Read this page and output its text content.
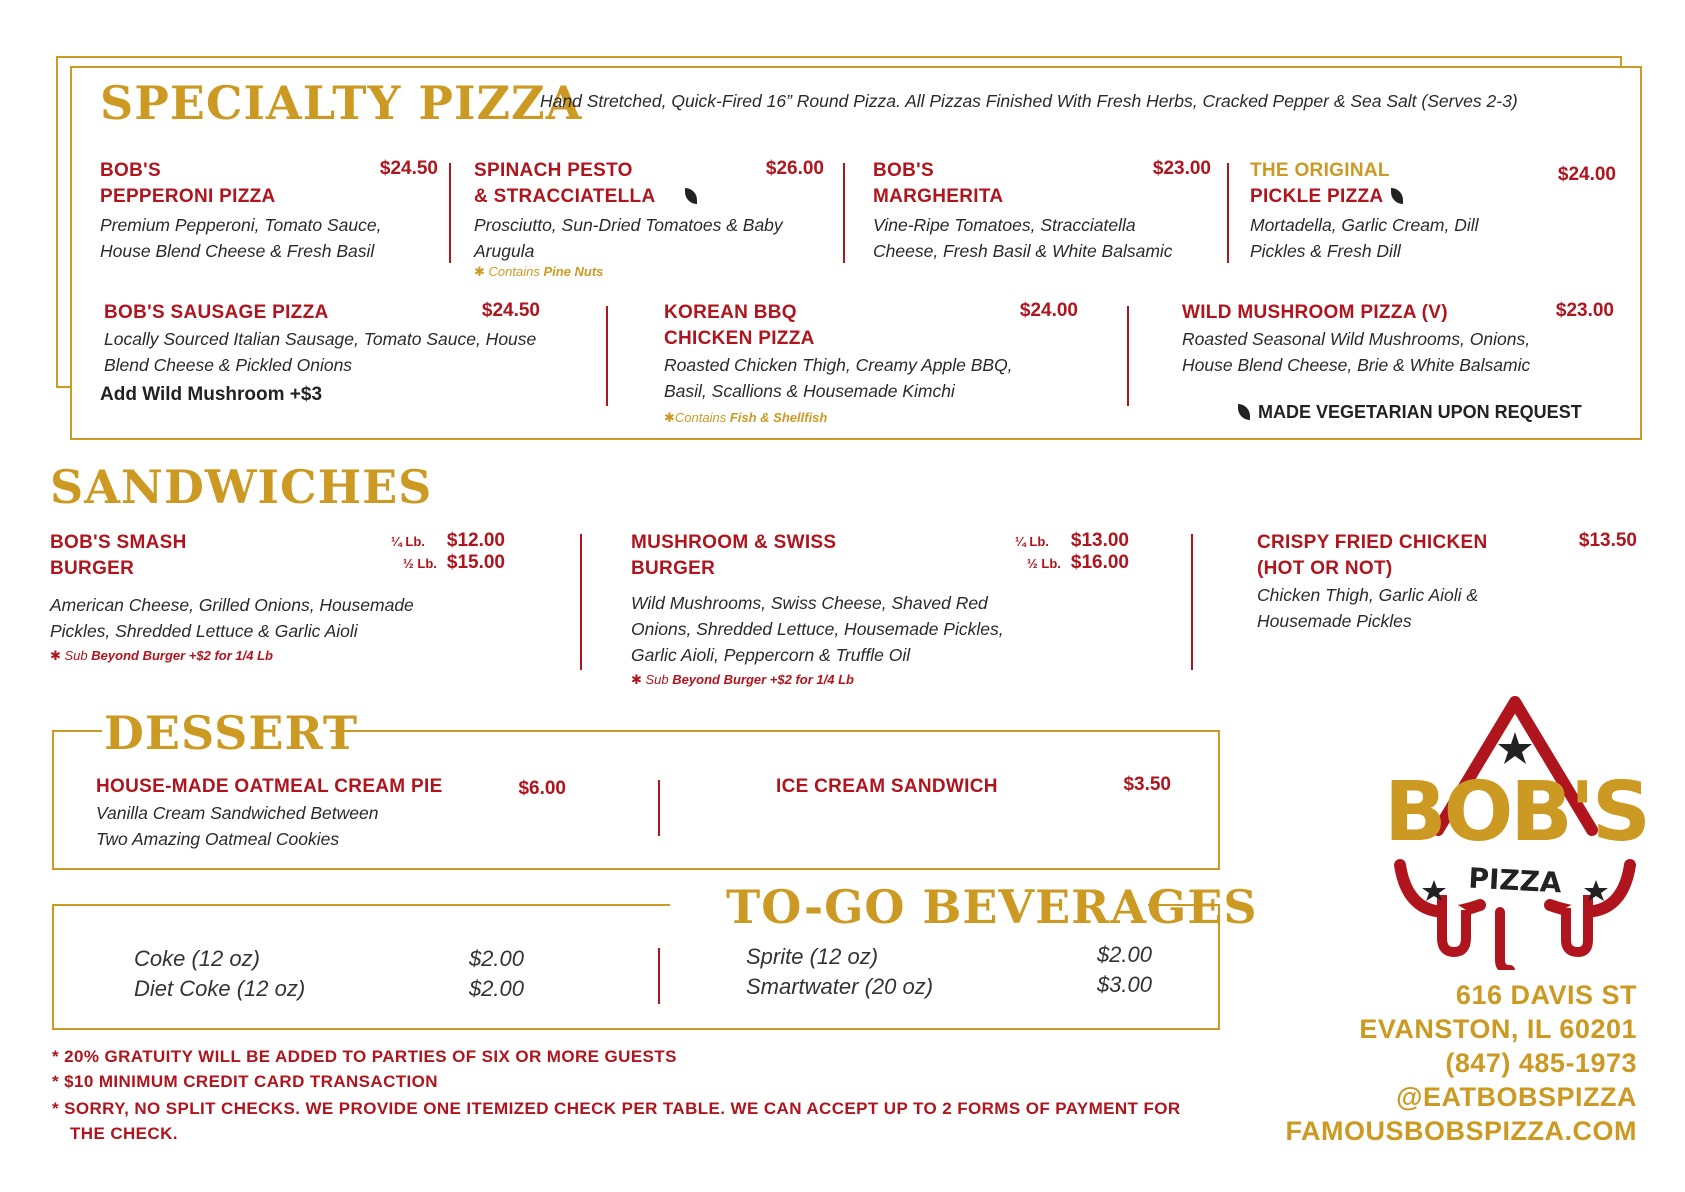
SPECIALTY PIZZA
Hand Stretched, Quick-Fired 16” Round Pizza. All Pizzas Finished With Fresh Herbs, Cracked Pepper & Sea Salt (Serves 2-3)
BOB'S
PEPPERONI PIZZA
$24.50
Premium Pepperoni, Tomato Sauce,
House Blend Cheese & Fresh Basil
SPINACH PESTO
& STRACCIATELLA
$26.00
Prosciutto, Sun-Dried Tomatoes & Baby
Arugula
✱ Contains Pine Nuts
BOB'S
MARGHERITA
$23.00
Vine-Ripe Tomatoes, Stracciatella
Cheese, Fresh Basil & White Balsamic
THE ORIGINAL
PICKLE PIZZA
$24.00
Mortadella, Garlic Cream, Dill
Pickles & Fresh Dill
BOB'S SAUSAGE PIZZA	$24.50
Locally Sourced Italian Sausage, Tomato Sauce, House
Blend Cheese & Pickled Onions
Add Wild Mushroom +$3
KOREAN BBQ
CHICKEN PIZZA
$24.00
Roasted Chicken Thigh, Creamy Apple BBQ,
Basil, Scallions & Housemade Kimchi
✱Contains Fish & Shellfish
WILD MUSHROOM PIZZA (V)	$23.00
Roasted Seasonal Wild Mushrooms, Onions,
House Blend Cheese, Brie & White Balsamic
MADE VEGETARIAN UPON REQUEST
SANDWICHES
BOB'S SMASH
BURGER
¼ Lb. $12.00
½ Lb. $15.00
American Cheese, Grilled Onions, Housemade
Pickles, Shredded Lettuce & Garlic Aioli
✱ Sub Beyond Burger +$2 for 1/4 Lb
MUSHROOM & SWISS
BURGER
¼ Lb. $13.00
½ Lb. $16.00
Wild Mushrooms, Swiss Cheese, Shaved Red
Onions, Shredded Lettuce, Housemade Pickles,
Garlic Aioli, Peppercorn & Truffle Oil
✱ Sub Beyond Burger +$2 for 1/4 Lb
CRISPY FRIED CHICKEN
(HOT OR NOT)
$13.50
Chicken Thigh, Garlic Aioli &
Housemade Pickles
DESSERT
HOUSE-MADE OATMEAL CREAM PIE	$6.00
Vanilla Cream Sandwiched Between
Two Amazing Oatmeal Cookies
ICE CREAM SANDWICH	$3.50
TO-GO BEVERAGES
Coke (12 oz)	$2.00
Diet Coke (12 oz)	$2.00
Sprite (12 oz)	$2.00
Smartwater (20 oz)	$3.00
* 20% GRATUITY WILL BE ADDED TO PARTIES OF SIX OR MORE GUESTS
* $10 MINIMUM CREDIT CARD TRANSACTION
* SORRY, NO SPLIT CHECKS. WE PROVIDE ONE ITEMIZED CHECK PER TABLE. WE CAN ACCEPT UP TO 2 FORMS OF PAYMENT FOR
THE CHECK.
BOB'S
PIZZA
616 DAVIS ST
EVANSTON, IL 60201
(847) 485-1973
@EATBOBSPIZZA
FAMOUSBOBSPIZZA.COM
